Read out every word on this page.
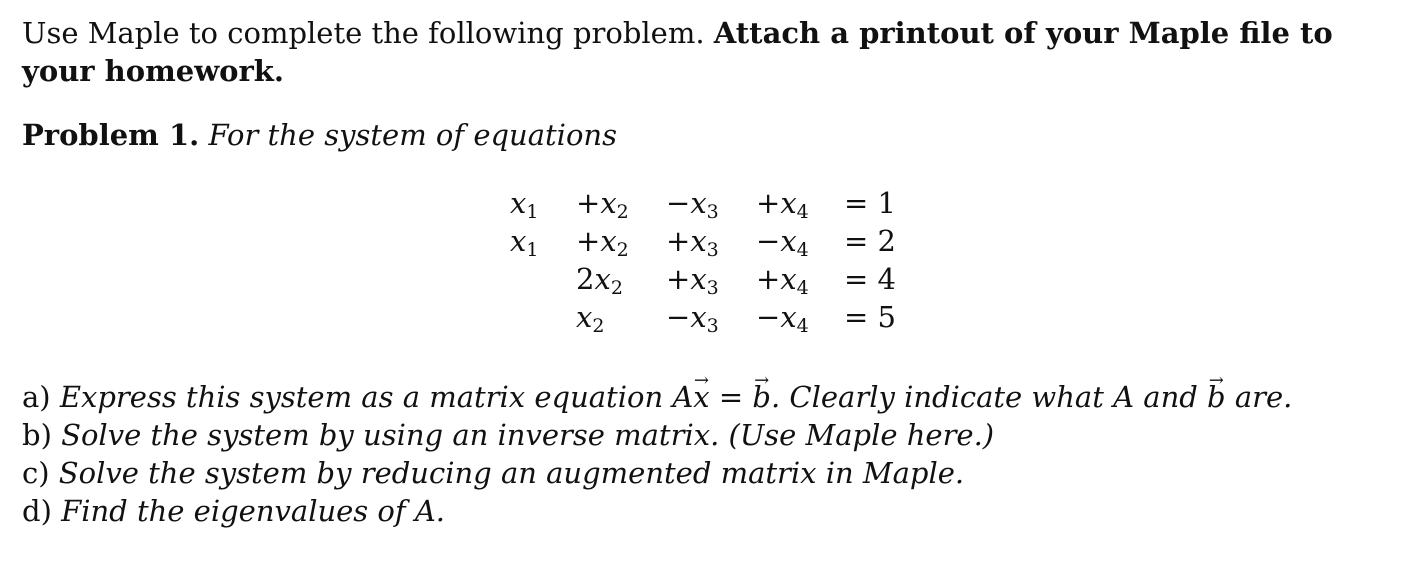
Use Maple to complete the following problem. Attach a printout of your Maple file to your homework.

Problem 1. For the system of equations

$x_1 +x_2 -x_3 +x_4 = 1$
$x_1 +x_2 +x_3 -x_4 = 2$
$2x_2 +x_3 +x_4 = 4$
$x_2 -x_3 -x_4 = 5$

a) Express this system as a matrix equation A→ x = → b. Clearly indicate what A and → b are.

b) Solve the system by using an inverse matrix. (Use Maple here.)

c) Solve the system by reducing an augmented matrix in Maple.

d) Find the eigenvalues of A.
